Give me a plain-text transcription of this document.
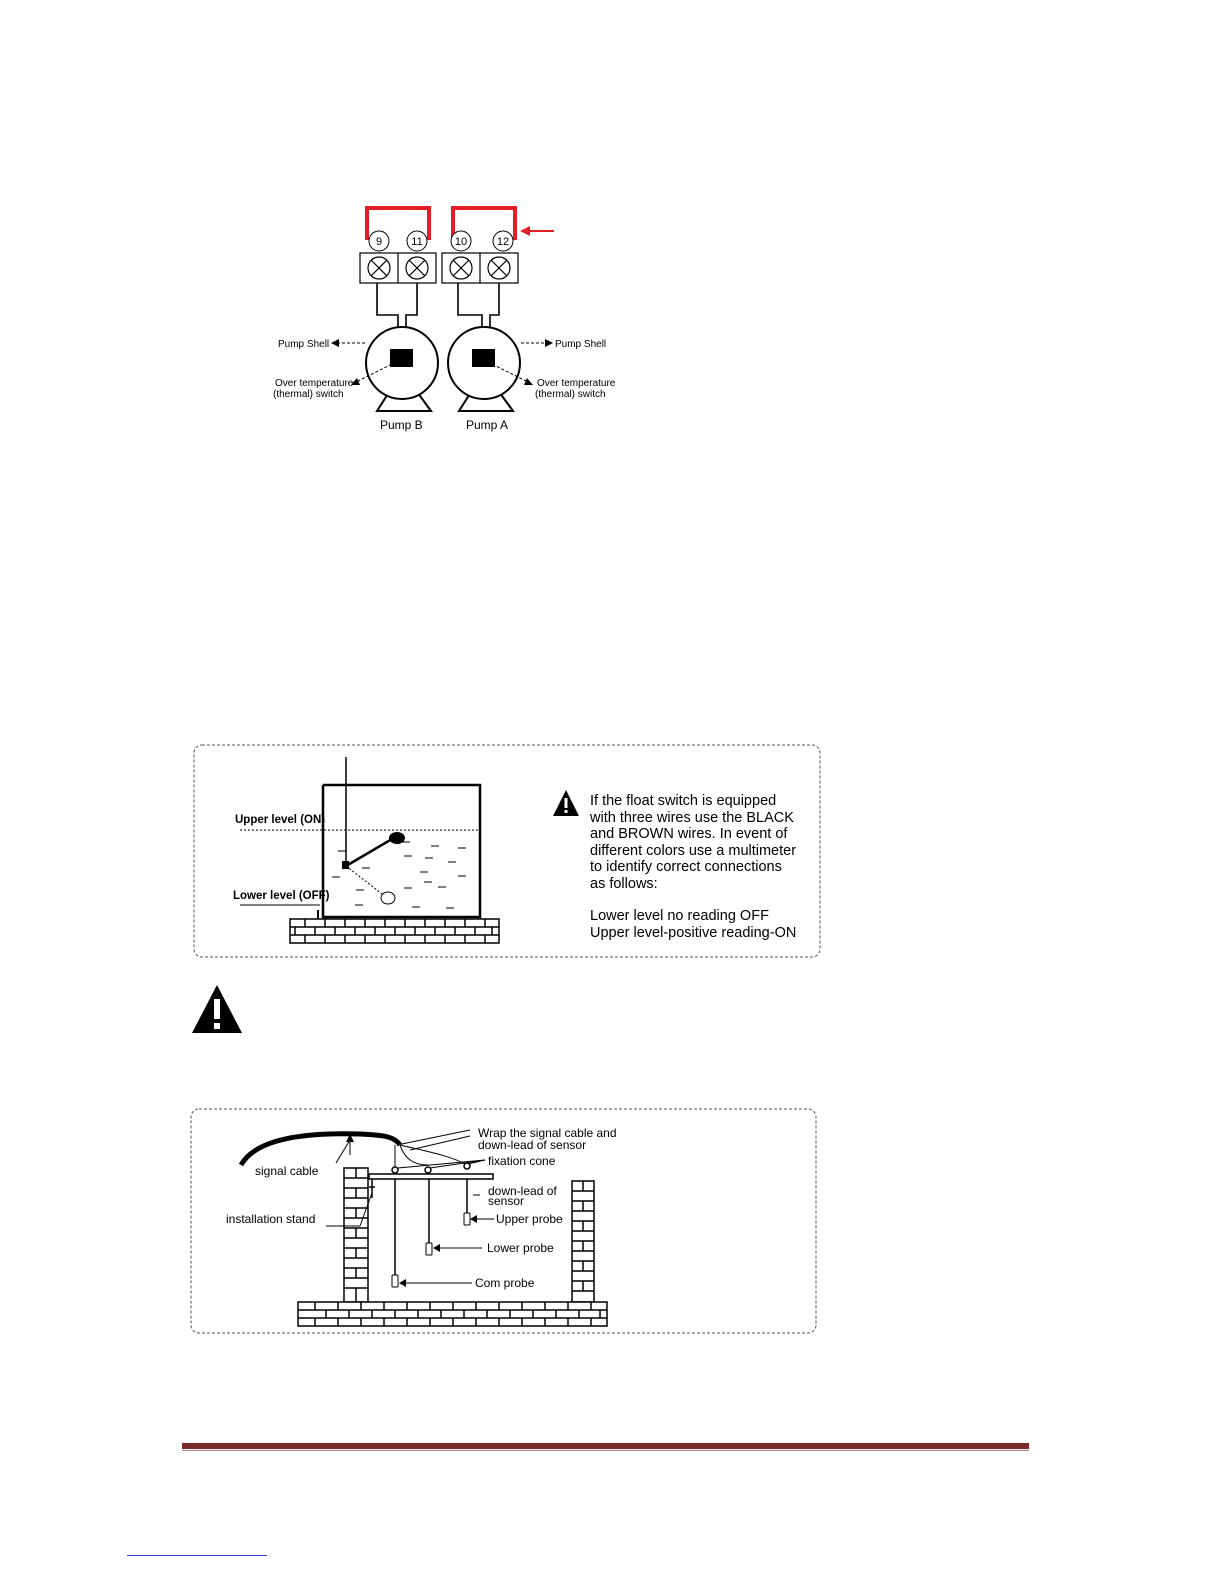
9	11	10	12
Pump Shell	Pump Shell
Over temperature
(thermal) switch
Over temperature
(thermal) switch
Pump B	Pump A
Upper level (ON)
Lower level (OFF)

If the float switch is equipped

with three wires use the BLACK

and BROWN wires. In event of

different colors use a multimeter

to identify correct connections

as follows:

Lower level no reading OFF

Upper level-positive reading-ON

Wrap the signal cable and
down-lead of sensor
fixation cone
signal cable
down-lead of
sensor
installation stand	Upper probe
Lower probe
Com probe
